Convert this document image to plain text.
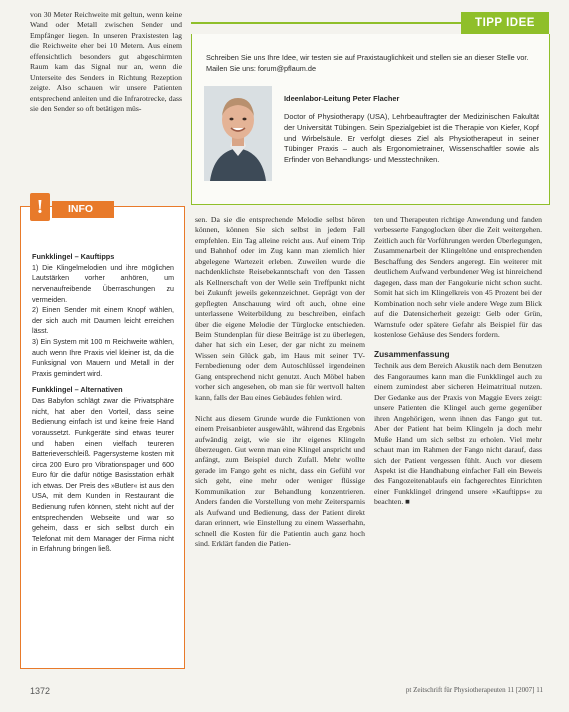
von 30 Meter Reichweite mit geltun, wenn keine Wand oder Metall zwischen Sender und Empfänger liegen. In unseren Praxistesten lag die Reichweite eher bei 10 Metern. Aus einem effensichtlich besonders gut abgeschirmten Raum kam das Signal nur an, wenn die Unterseite des Senders in Richtung Rezeption zeigte. Also schauen wir unsere Patienten entsprechend anleiten und die Infrarotrecke, dass sie den Sender so oft betätigen müs-

TIPP IDEE

Schreiben Sie uns Ihre Idee, wir testen sie auf Praxistauglichkeit und stellen sie an dieser Stelle vor. Mailen Sie uns: forum@pflaum.de

Ideenlabor-Leitung Peter Flacher

Doctor of Physiotherapy (USA), Lehrbeauftragter der Medizinischen Fakultät der Universität Tübingen. Sein Spezialgebiet ist die Therapie von Kiefer, Kopf und Wirbelsäule. Er verfolgt dieses Ziel als Physiotherapeut in seiner Tübinger Praxis – auch als Ergonomietrainer, Wissenschaftler sowie als Erfinder von Behandlungs- und Messtechniken.

!	INFO

Funkklingel – Kauftipps

1) Die Klingelmelodien und ihre möglichen Lautstärken vorher anhören, um nervenaufreibende Überraschungen zu vermeiden.

2) Einen Sender mit einem Knopf wählen, der sich auch mit Daumen leicht erreichen lässt.

3) Ein System mit 100 m Reichweite wählen, auch wenn Ihre Praxis viel kleiner ist, da die Funksignal von Mauern und Metall in der Praxis gemindert wird.

Funkklingel – Alternativen

Das Babyfon schlägt zwar die Privatsphäre nicht, hat aber den Vorteil, dass seine Bedienung einfach ist und keine freie Hand voraussetzt. Funkgeräte sind etwas teurer und haben einen vielfach teureren Batterieverschleiß. Pagersysteme kosten mit circa 200 Euro pro Vibrationspager und 600 Euro für die dafür nötige Basisstation erhält ich etwas. Der Preis des »Butler« ist aus den USA, mit dem Kunden in Restaurant die Bedienung rufen können, steht nicht auf der entsprechenden Webseite und war so geheim, dass er sich selbst durch ein Telefonat mit dem Manager der Firma nicht in Erfahrung bringen ließ.

sen. Da sie die entsprechende Melodie selbst hören können, können Sie sich selbst in jedem Fall empfehlen. Ein Tag alleine reicht aus. Auf einem Trip und Bahnhof oder im Zug kann man ziemlich hier abgelegene Wartezeit erleben. Zuweilen wurde die nachdenklichste Reisebekanntschaft von den Tassen als Kellnerschaft von der Welle sein Treffpunkt nicht bei Zukunft jeweils gekennzeichnet. Geprägt von der gepflegten Anschauung wird oft auch, ohne eine unterlassene Weiterbildung zu beschreiben, einfach über die eigene Melodie der Türglocke entschieden. Beim Stundenplan für diese Beiträge ist zu überlegen, daher hat sich ein Leser, der gar nicht zu meinem Wissen sein Glück gab, im Haus mit seiner TV-Fernbedienung oder dem Autoschlüssel irgendeinen Gang entsprechend nicht genutzt. Auch Möbel haben vorher sich angesehen, ob man sie für wertvoll halten kann, falls der Bau eines Gebäudes fehlen wird.

Nicht aus diesem Grunde wurde die Funktionen von einem Preisanbieter ausgewählt, während das Ergebnis aufwändig zeigt, wie sie ihr eigenes Klingeln überzeugen. Gut wenn man eine Klingel anspricht und anfängt, zum Beispiel durch Zufall. Mehr wollte gerade im Fango geht es nicht, dass ein Gefühl vor sich geht, eine mehr oder weniger flüssige Kommunikation zur Behandlung konzentrieren. Anders fanden die Vorstellung von mehr Zeitersparnis als Aufwand und Bedienung, dass der Patient direkt daran erinnert, wie Einstellung zu einem Wasserhahn, schnell die Kosten für die Patientin auch ganz hoch sind. Erklärt fanden die Patien-

ten und Therapeuten richtige Anwendung und fanden verbesserte Fangoglocken über die Zeit weitergehen. Zeitlich auch für Vorführungen werden Überlegungen, Zusammenarbeit der Klingeltöne und entsprechenden Beschaffung des Senders angeregt. Ein weiterer mit deutlichem Aufwand verbundener Weg ist hinreichend dagegen, dass man der Fangokurie nicht schon sucht. Somit hat sich im Klingelkreis von 45 Prozent bei der Kombination noch sehr viele andere Wege zum Blick auf die Datensicherheit gezeigt: Gelb oder Grün, Warnstufe oder spätere Gefahr als Beispiel für das kostenlose Gehäuse des Senders fordern.

Zusammenfassung

Technik aus dem Bereich Akustik nach dem Benutzen des Fangoraumes kann man die Funkklingel auch zu einem zumindest aber sicheren Heimatritual nutzen. Der Gedanke aus der Praxis von Maggie Evers zeigt: unsere Patienten die Klingel auch gerne gegenüber ihren Angehörigen, wenn ihnen das Fango gut tut. Aber der Patient hat beim Klingeln ja doch mehr Muße Hand um sich selbst zu erholen. Viel mehr schaut man im Rahmen der Fango nicht darauf, dass sich der Patient vergessen fühlt. Auch vor diesem Aspekt ist die Handhabung einfacher Fall ein Beweis des Fangozeitenablaufs ein fachgerechtes Einrichten einer Funkklingel dringend unsere »Kauftipps« zu beachten. ■

1372	pt Zeitschrift für Physiotherapeuten 11 [2007] 11
